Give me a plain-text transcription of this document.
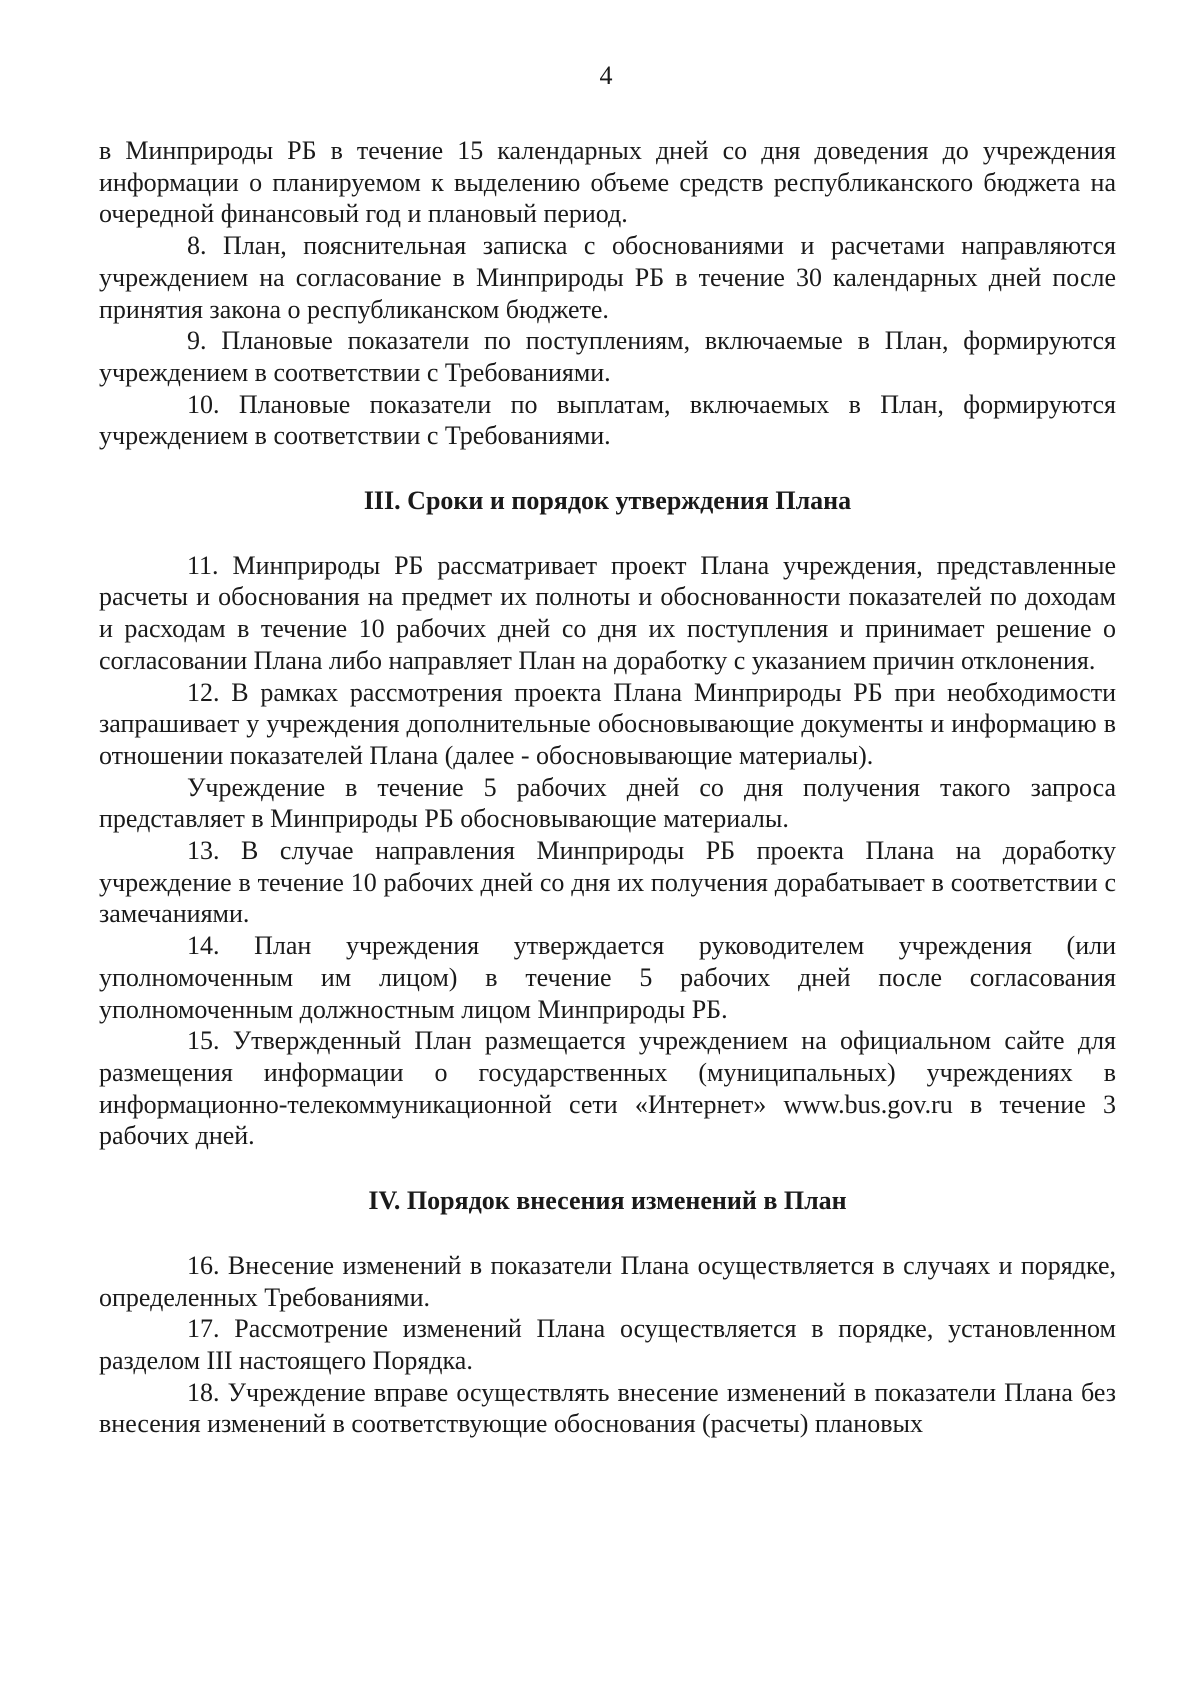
4

в Минприроды РБ в течение 15 календарных дней со дня доведения до учреждения информации о планируемом к выделению объеме средств республиканского бюджета на очередной финансовый год и плановый период.

8. План, пояснительная записка с обоснованиями и расчетами направляются учреждением на согласование в Минприроды РБ в течение 30 календарных дней после принятия закона о республиканском бюджете.

9. Плановые показатели по поступлениям, включаемые в План, формируются учреждением в соответствии с Требованиями.

10. Плановые показатели по выплатам, включаемых в План, формируются учреждением в соответствии с Требованиями.

III. Сроки и порядок утверждения Плана

11. Минприроды РБ рассматривает проект Плана учреждения, представленные расчеты и обоснования на предмет их полноты и обоснованности показателей по доходам и расходам в течение 10 рабочих дней со дня их поступления и принимает решение о согласовании Плана либо направляет План на доработку с указанием причин отклонения.

12. В рамках рассмотрения проекта Плана Минприроды РБ при необходимости запрашивает у учреждения дополнительные обосновывающие документы и информацию в отношении показателей Плана (далее - обосновывающие материалы).

Учреждение в течение 5 рабочих дней со дня получения такого запроса представляет в Минприроды РБ обосновывающие материалы.

13. В случае направления Минприроды РБ проекта Плана на доработку учреждение в течение 10 рабочих дней со дня их получения дорабатывает в соответствии с замечаниями.

14. План учреждения утверждается руководителем учреждения (или уполномоченным им лицом) в течение 5 рабочих дней после согласования уполномоченным должностным лицом Минприроды РБ.

15. Утвержденный План размещается учреждением на официальном сайте для размещения информации о государственных (муниципальных) учреждениях в информационно-телекоммуникационной сети «Интернет» www.bus.gov.ru в течение 3 рабочих дней.

IV. Порядок внесения изменений в План

16. Внесение изменений в показатели Плана осуществляется в случаях и порядке, определенных Требованиями.

17. Рассмотрение изменений Плана осуществляется в порядке, установленном разделом III настоящего Порядка.

18. Учреждение вправе осуществлять внесение изменений в показатели Плана без внесения изменений в соответствующие обоснования (расчеты) плановых
